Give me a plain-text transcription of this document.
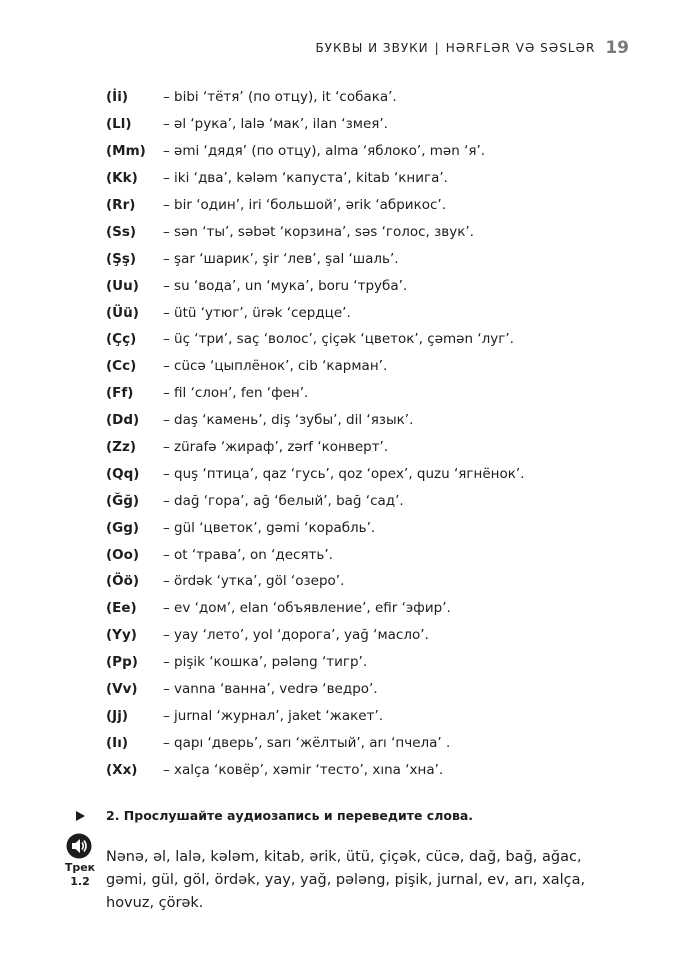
БУКВЫ И ЗВУКИ | HƏRFLƏR VƏ SƏSLƏR 19
(İi)	– bibi ‘тётя’ (по отцу), it ‘собака’.
(Ll)	– əl ‘рука’, lalə ‘мак’, ilan ‘змея’.
(Mm)	– əmi ‘дядя’ (по отцу), alma ‘яблоко’, mən ‘я’.
(Kk)	– iki ‘два’, kələm ‘капуста’, kitab ‘книга’.
(Rr)	– bir ‘один’, iri ‘большой’, ərik ‘абрикос’.
(Ss)	– sən ‘ты’, səbət ‘корзина’, səs ‘голос, звук’.
(Şş)	– şar ‘шарик’, şir ‘лев’, şal ‘шаль’.
(Uu)	– su ‘вода’, un ‘мука’, boru ‘труба’.
(Üü)	– ütü ‘утюг’, ürək ‘сердце’.
(Çç)	– üç ‘три’, saç ‘волос’, çiçək ‘цветок’, çəmən ‘луг’.
(Cc)	– cücə ‘цыплёнок’, cib ‘карман’.
(Ff)	– fil ‘слон’, fen ‘фен’.
(Dd)	– daş ‘камень’, diş ‘зубы’, dil ‘язык’.
(Zz)	– zürafə ‘жираф’, zərf ‘конверт’.
(Qq)	– quş ‘птица’, qaz ‘гусь’, qoz ‘орех’, quzu ‘ягнёнок’.
(Ğğ)	– dağ ‘гора’, ağ ‘белый’, bağ ‘сад’.
(Gg)	– gül ‘цветок’, gəmi ‘корабль’.
(Oo)	– ot ‘трава’, on ‘десять’.
(Öö)	– ördək ‘утка’, göl ‘озеро’.
(Ee)	– ev ‘дом’, elan ‘объявление’, efir ‘эфир’.
(Yy)	– yay ‘лето’, yol ‘дорога’, yağ ‘масло’.
(Pp)	– pişik ‘кошка’, pələng ‘тигр’.
(Vv)	– vanna ‘ванна’, vedrə ‘ведро’.
(Jj)	– jurnal ‘журнал’, jaket ‘жакет’.
(Iı)	– qapı ‘дверь’, sarı ‘жёлтый’, arı ‘пчела’ .
(Xx)	– xalça ‘ковёр’, xəmir ‘тесто’, xına ‘хна’.
2. Прослушайте аудиозапись и переведите слова.
Трек
1.2
Nənə, əl, lalə, kələm, kitab, ərik, ütü, çiçək, cücə, dağ, bağ, ağac, gəmi, gül, göl, ördək, yay, yağ, pələng, pişik, jurnal, ev, arı, xalça, hovuz, çörək.
